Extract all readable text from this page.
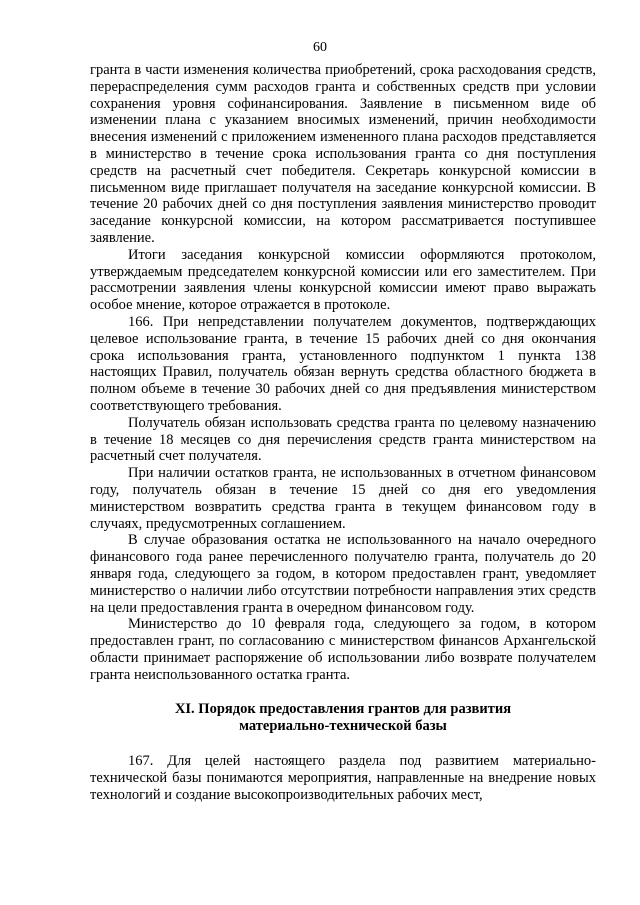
60

гранта в части изменения количества приобретений, срока расходования средств, перераспределения сумм расходов гранта и собственных средств при условии сохранения уровня софинансирования. Заявление в письменном виде об изменении плана с указанием вносимых изменений, причин необходимости внесения изменений с приложением измененного плана расходов представляется в министерство в течение срока использования гранта со дня поступления средств на расчетный счет победителя. Секретарь конкурсной комиссии в письменном виде приглашает получателя на заседание конкурсной комиссии. В течение 20 рабочих дней со дня поступления заявления министерство проводит заседание конкурсной комиссии, на котором рассматривается поступившее заявление.

Итоги заседания конкурсной комиссии оформляются протоколом, утверждаемым председателем конкурсной комиссии или его заместителем. При рассмотрении заявления члены конкурсной комиссии имеют право выражать особое мнение, которое отражается в протоколе.

166. При непредставлении получателем документов, подтверждающих целевое использование гранта, в течение 15 рабочих дней со дня окончания срока использования гранта, установленного подпунктом 1 пункта 138 настоящих Правил, получатель обязан вернуть средства областного бюджета в полном объеме в течение 30 рабочих дней со дня предъявления министерством соответствующего требования.

Получатель обязан использовать средства гранта по целевому назначению в течение 18 месяцев со дня перечисления средств гранта министерством на расчетный счет получателя.

При наличии остатков гранта, не использованных в отчетном финансовом году, получатель обязан в течение 15 дней со дня его уведомления министерством возвратить средства гранта в текущем финансовом году в случаях, предусмотренных соглашением.

В случае образования остатка не использованного на начало очередного финансового года ранее перечисленного получателю гранта, получатель до 20 января года, следующего за годом, в котором предоставлен грант, уведомляет министерство о наличии либо отсутствии потребности направления этих средств на цели предоставления гранта в очередном финансовом году.

Министерство до 10 февраля года, следующего за годом, в котором предоставлен грант, по согласованию с министерством финансов Архангельской области принимает распоряжение об использовании либо возврате получателем гранта неиспользованного остатка гранта.

XI. Порядок предоставления грантов для развития
материально-технической базы

167. Для целей настоящего раздела под развитием материально-технической базы понимаются мероприятия, направленные на внедрение новых технологий и создание высокопроизводительных рабочих мест,
